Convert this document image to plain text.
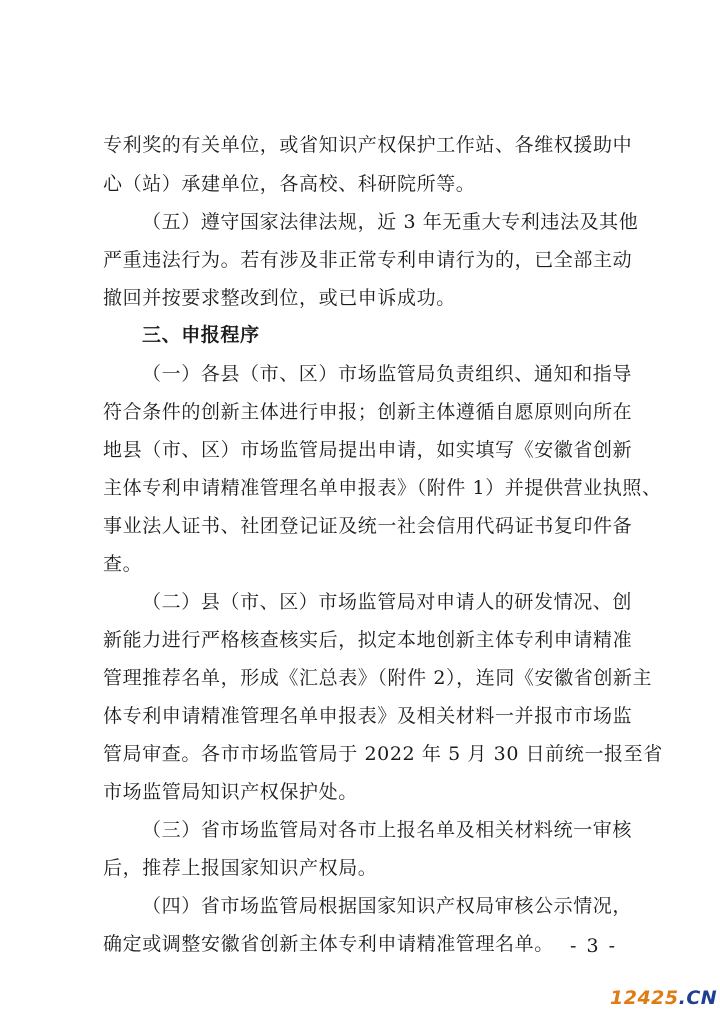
专利奖的有关单位，或省知识产权保护工作站、各维权援助中
心（站）承建单位，各高校、科研院所等。
（五）遵守国家法律法规，近 3 年无重大专利违法及其他
严重违法行为。若有涉及非正常专利申请行为的，已全部主动
撤回并按要求整改到位，或已申诉成功。
三、申报程序
（一）各县（市、区）市场监管局负责组织、通知和指导
符合条件的创新主体进行申报；创新主体遵循自愿原则向所在
地县（市、区）市场监管局提出申请，如实填写《安徽省创新
主体专利申请精准管理名单申报表》（附件 1）并提供营业执照、
事业法人证书、社团登记证及统一社会信用代码证书复印件备
查。
（二）县（市、区）市场监管局对申请人的研发情况、创
新能力进行严格核查核实后，拟定本地创新主体专利申请精准
管理推荐名单，形成《汇总表》（附件 2），连同《安徽省创新主
体专利申请精准管理名单申报表》及相关材料一并报市市场监
管局审查。各市市场监管局于 2022 年 5 月 30 日前统一报至省
市场监管局知识产权保护处。
（三）省市场监管局对各市上报名单及相关材料统一审核
后，推荐上报国家知识产权局。
（四）省市场监管局根据国家知识产权局审核公示情况，
确定或调整安徽省创新主体专利申请精准管理名单。 - 3 -
12425.CN
